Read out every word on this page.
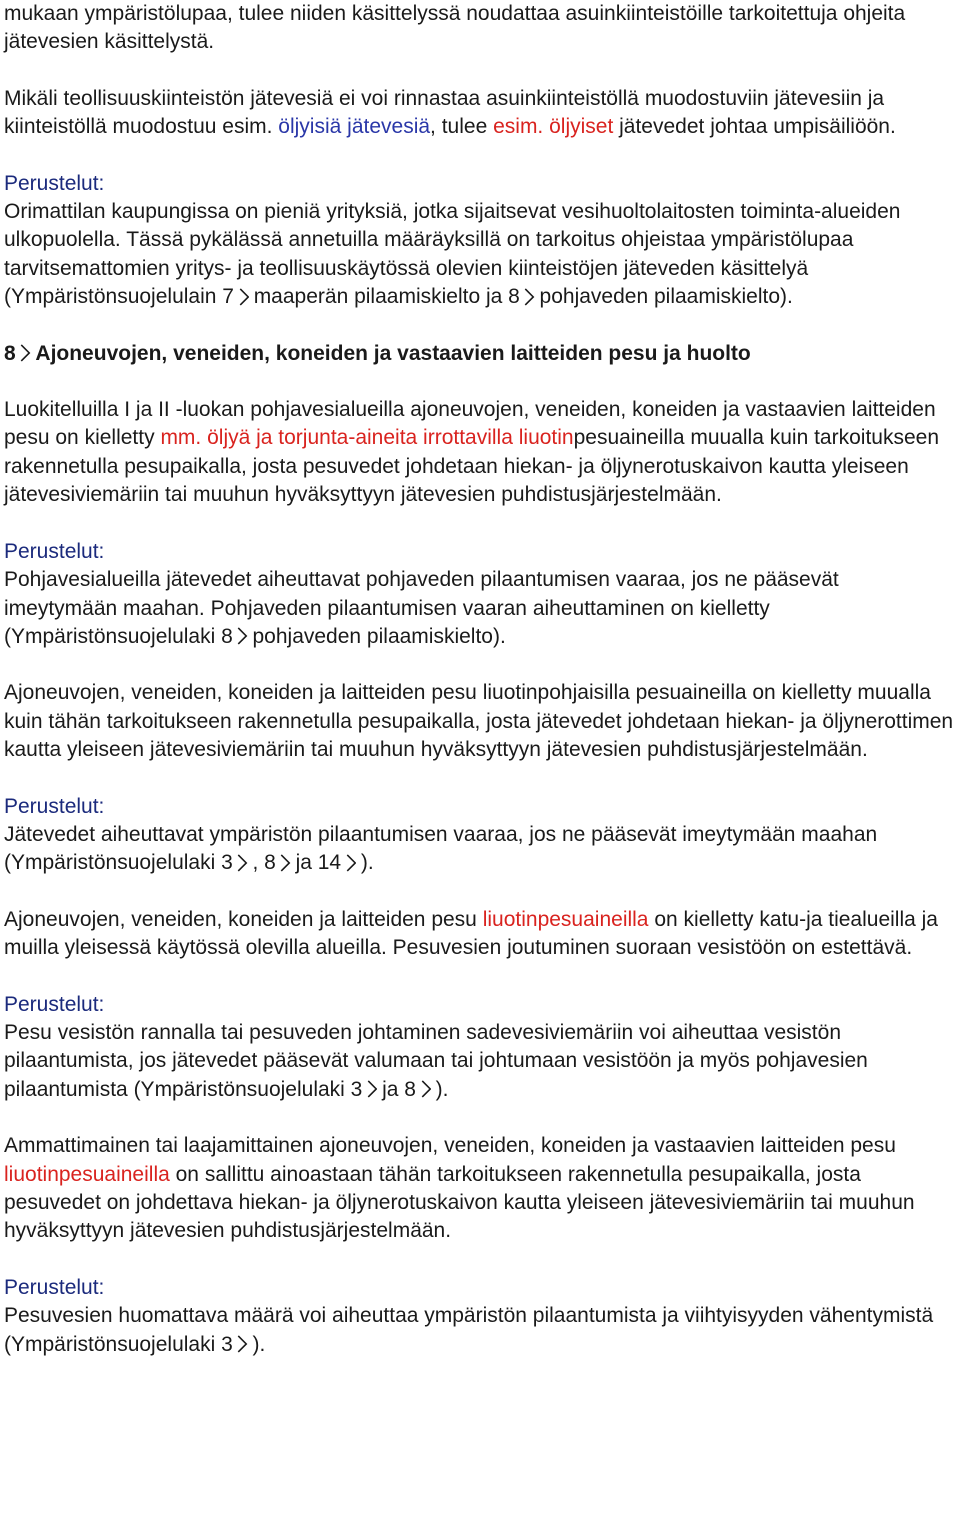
mukaan ympäristölupaa, tulee niiden käsittelyssä noudattaa asuinkiinteistöille tarkoitettuja ohjeita jätevesien käsittelystä.

Mikäli teollisuuskiinteistön jätevesiä ei voi rinnastaa asuinkiinteistöllä muodostuviin jätevesiin ja kiinteistöllä muodostuu esim. öljyisiä jätevesiä, tulee esim. öljyiset jätevedet johtaa umpisäiliöön.

Perustelut:
Orimattilan kaupungissa on pieniä yrityksiä, jotka sijaitsevat vesihuoltolaitosten toiminta-alueiden ulkopuolella. Tässä pykälässä annetuilla määräyksillä on tarkoitus ohjeistaa ympäristölupaa tarvitsemattomien yritys- ja teollisuuskäytössä olevien kiinteistöjen jäteveden käsittelyä (Ympäristönsuojelulain 7 maaperän pilaamiskielto ja 8 pohjaveden pilaamiskielto).

8 Ajoneuvojen, veneiden, koneiden ja vastaavien laitteiden pesu ja huolto

Luokitelluilla I ja II -luokan pohjavesialueilla ajoneuvojen, veneiden, koneiden ja vastaavien laitteiden pesu on kielletty mm. öljyä ja torjunta-aineita irrottavilla liuotinpesuaineilla muualla kuin tarkoitukseen rakennetulla pesupaikalla, josta pesuvedet johdetaan hiekan- ja öljynerotuskaivon kautta yleiseen jätevesiviemäriin tai muuhun hyväksyttyyn jätevesien puhdistusjärjestelmään.

Perustelut:
Pohjavesialueilla jätevedet aiheuttavat pohjaveden pilaantumisen vaaraa, jos ne pääsevät imeytymään maahan. Pohjaveden pilaantumisen vaaran aiheuttaminen on kielletty (Ympäristönsuojelulaki 8 pohjaveden pilaamiskielto).

Ajoneuvojen, veneiden, koneiden ja laitteiden pesu liuotinpohjaisilla pesuaineilla on kielletty muualla kuin tähän tarkoitukseen rakennetulla pesupaikalla, josta jätevedet johdetaan hiekan- ja öljynerottimen kautta yleiseen jätevesiviemäriin tai muuhun hyväksyttyyn jätevesien puhdistusjärjestelmään.

Perustelut:
Jätevedet aiheuttavat ympäristön pilaantumisen vaaraa, jos ne pääsevät imeytymään maahan (Ympäristönsuojelulaki 3 , 8 ja 14 ).

Ajoneuvojen, veneiden, koneiden ja laitteiden pesu liuotinpesuaineilla on kielletty katu-ja tiealueilla ja muilla yleisessä käytössä olevilla alueilla. Pesuvesien joutuminen suoraan vesistöön on estettävä.

Perustelut:
Pesu vesistön rannalla tai pesuveden johtaminen sadevesiviemäriin voi aiheuttaa vesistön pilaantumista, jos jätevedet pääsevät valumaan tai johtumaan vesistöön ja myös pohjavesien pilaantumista (Ympäristönsuojelulaki 3 ja 8 ).

Ammattimainen tai laajamittainen ajoneuvojen, veneiden, koneiden ja vastaavien laitteiden pesu liuotinpesuaineilla on sallittu ainoastaan tähän tarkoitukseen rakennetulla pesupaikalla, josta pesuvedet on johdettava hiekan- ja öljynerotuskaivon kautta yleiseen jätevesiviemäriin tai muuhun hyväksyttyyn jätevesien puhdistusjärjestelmään.

Perustelut:
Pesuvesien huomattava määrä voi aiheuttaa ympäristön pilaantumista ja viihtyisyyden vähentymistä (Ympäristönsuojelulaki 3 ).
